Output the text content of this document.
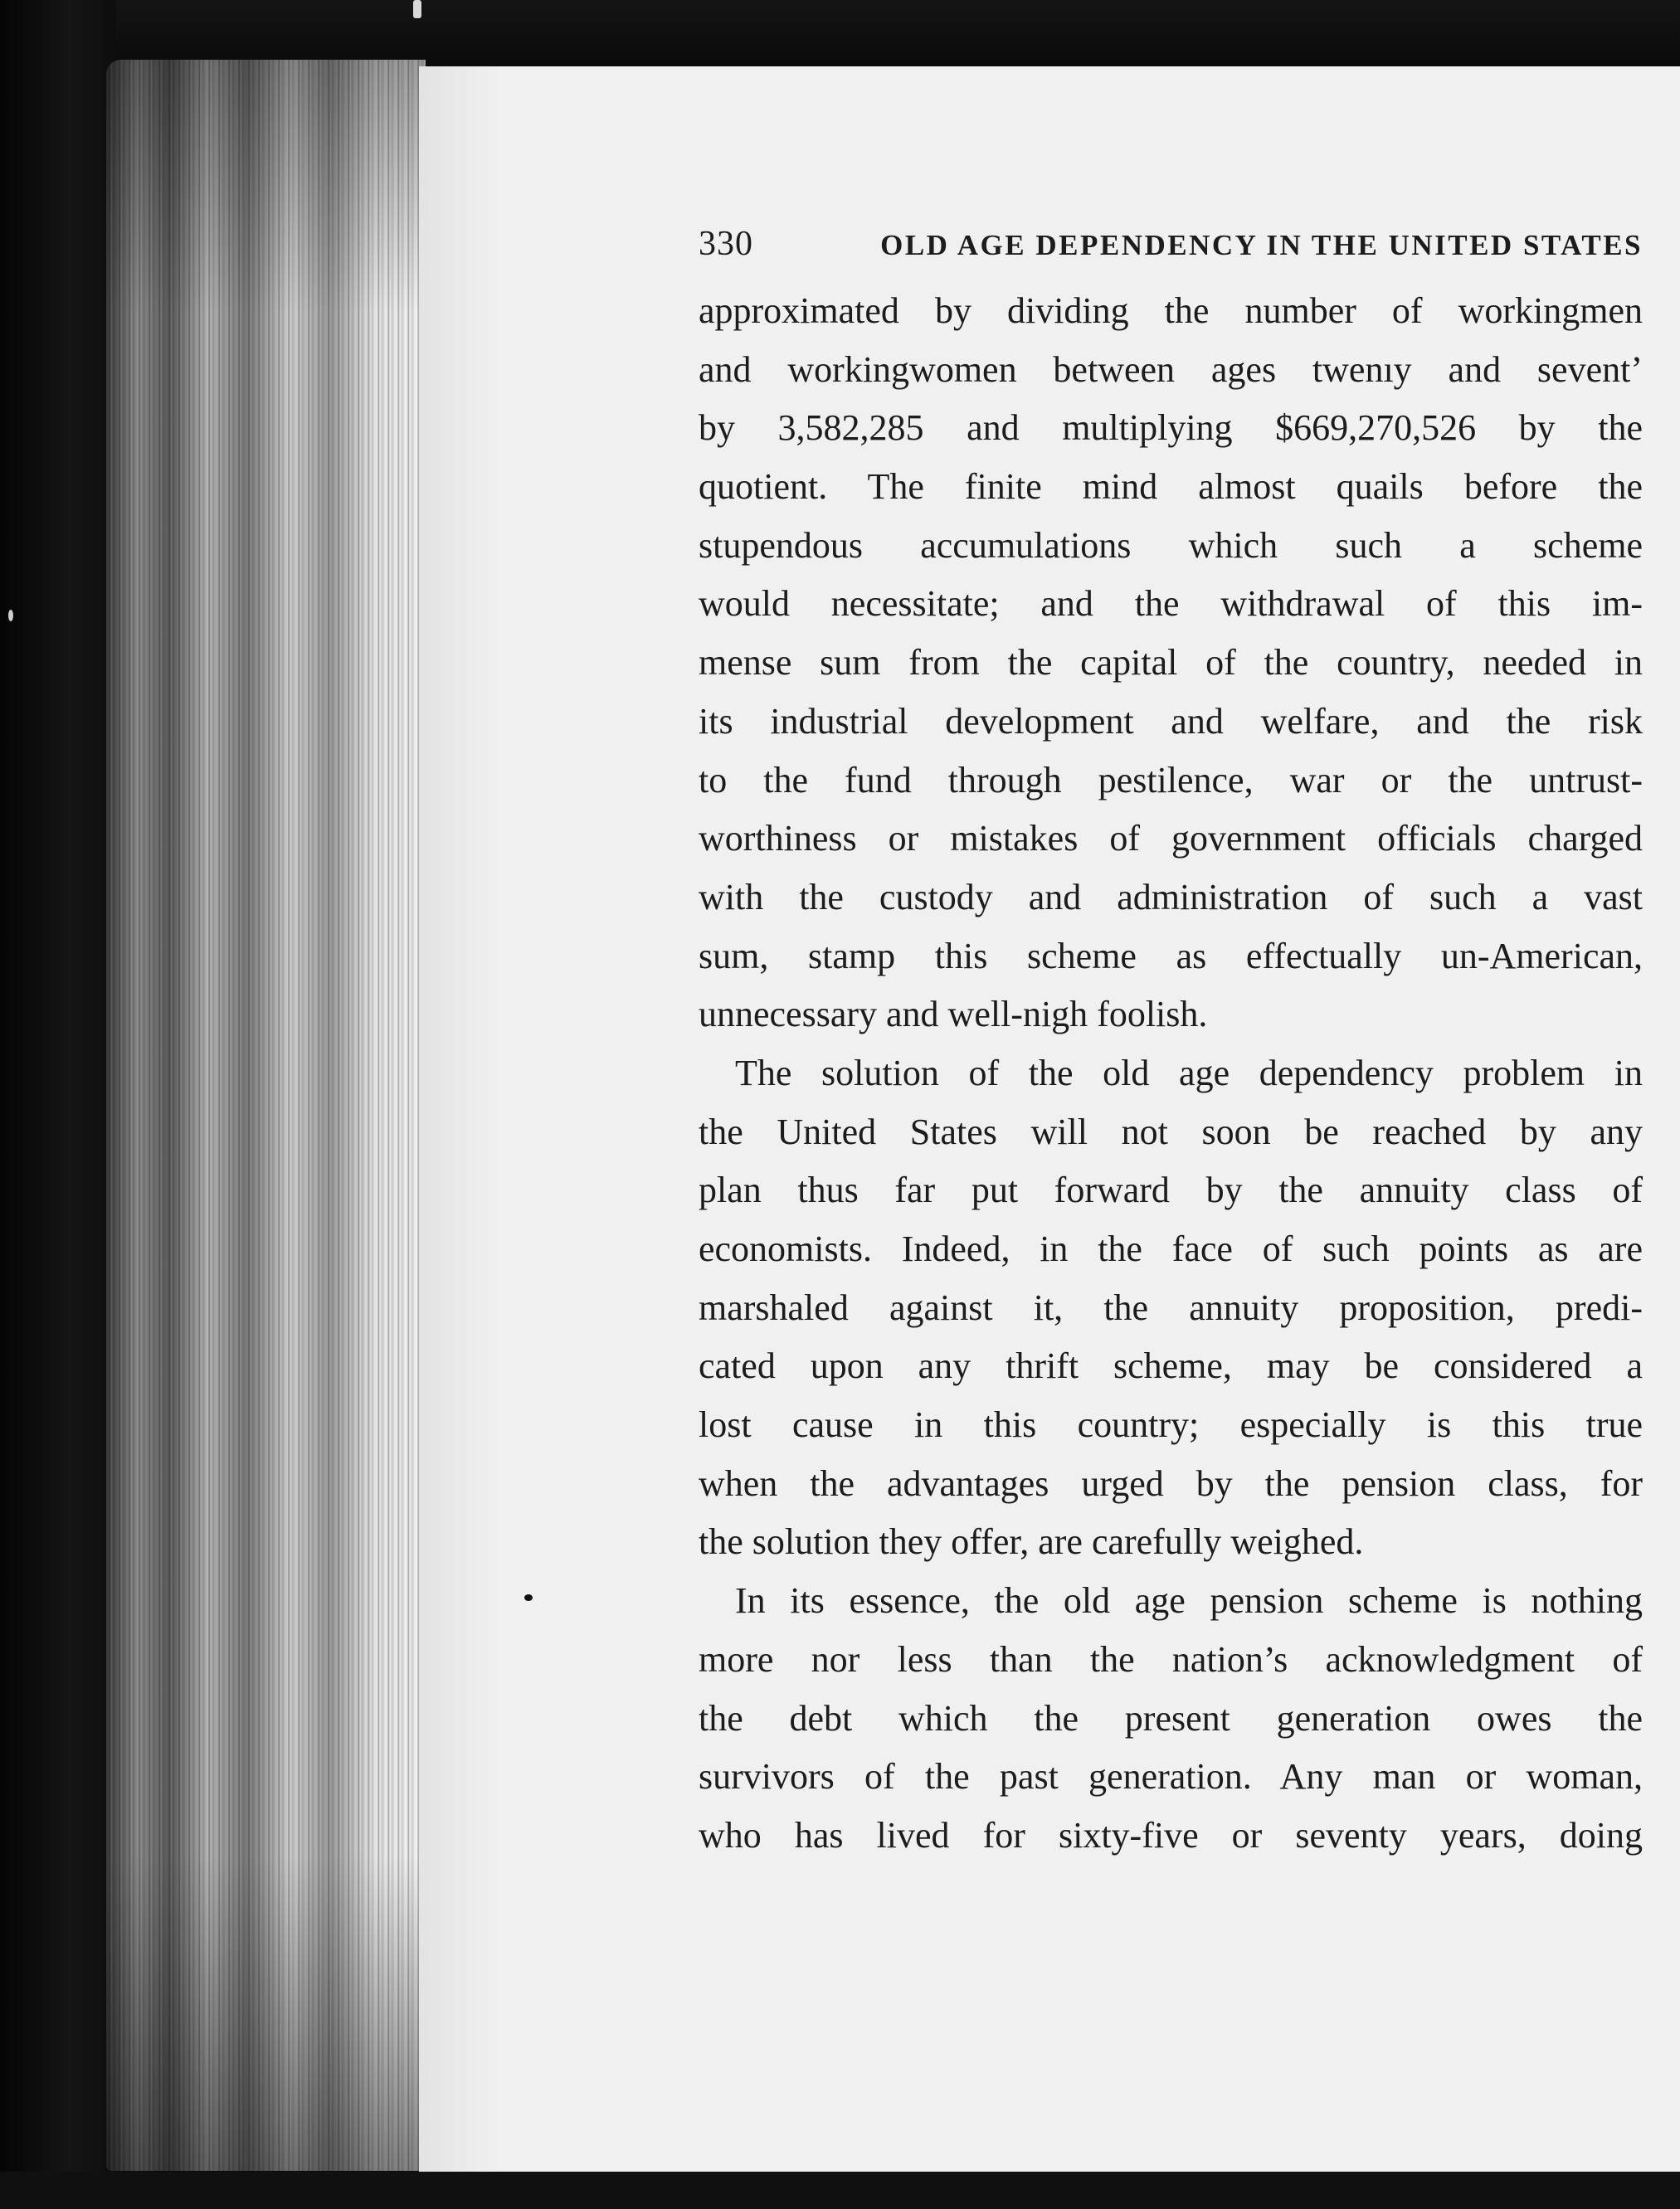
330	OLD AGE DEPENDENCY IN THE UNITED STATES
approximated by dividing the number of workingmen
and workingwomen between ages twenıy and seventʼ
by 3,582,285 and multiplying $669,270,526 by the
quotient. The finite mind almost quails before the
stupendous accumulations which such a scheme
would necessitate; and the withdrawal of this im-
mense sum from the capital of the country, needed in
its industrial development and welfare, and the risk
to the fund through pestilence, war or the untrust-
worthiness or mistakes of government officials charged
with the custody and administration of such a vast
sum, stamp this scheme as effectually un-American,
unnecessary and well-nigh foolish.
The solution of the old age dependency problem in
the United States will not soon be reached by any
plan thus far put forward by the annuity class of
economists. Indeed, in the face of such points as are
marshaled against it, the annuity proposition, predi-
cated upon any thrift scheme, may be considered a
lost cause in this country; especially is this true
when the advantages urged by the pension class, for
the solution they offer, are carefully weighed.
In its essence, the old age pension scheme is nothing
more nor less than the nation’s acknowledgment of
the debt which the present generation owes the
survivors of the past generation. Any man or woman,
who has lived for sixty-five or seventy years, doing
